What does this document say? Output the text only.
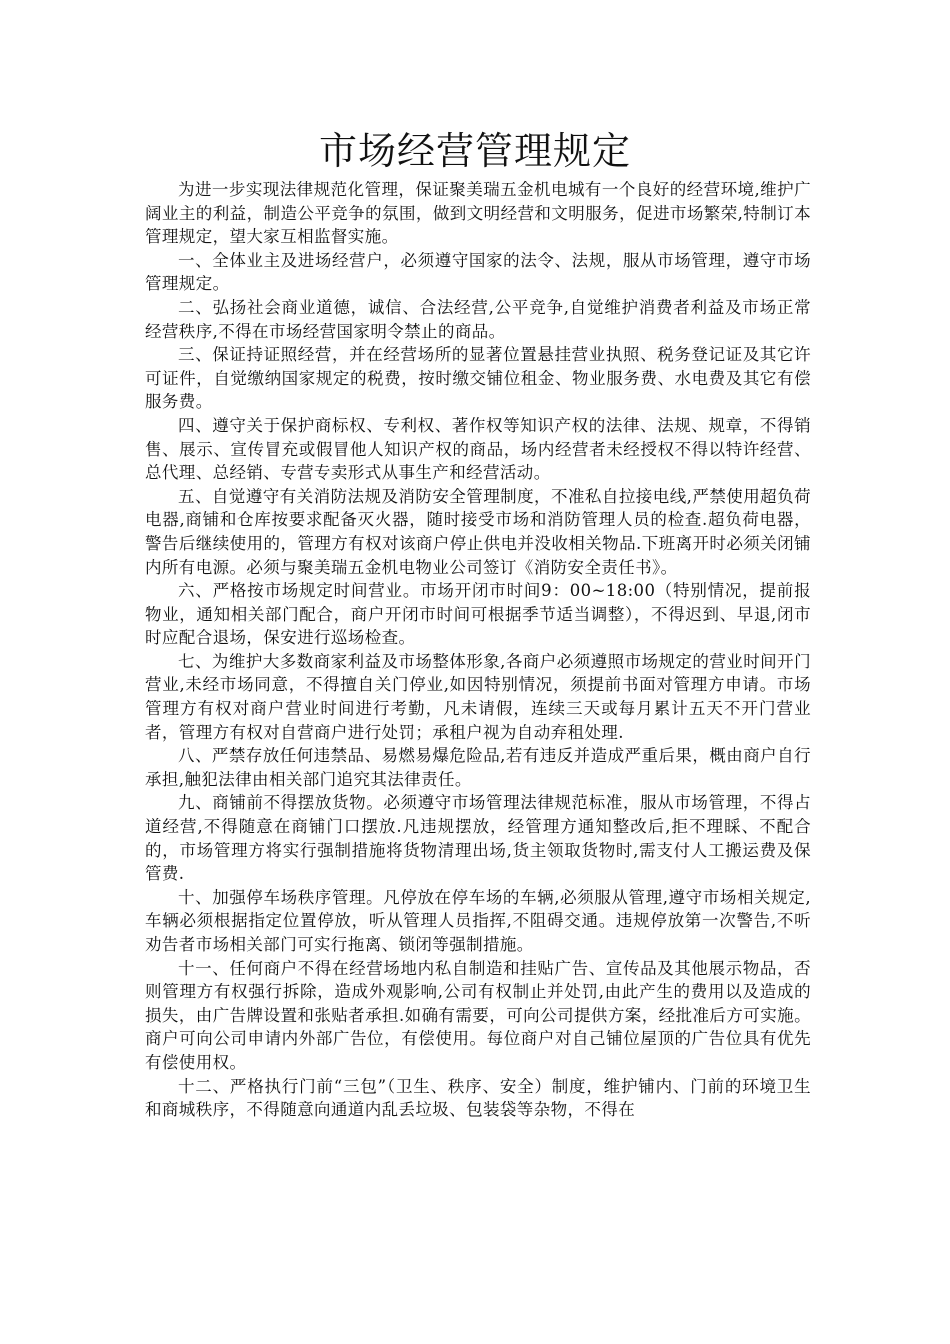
市场经营管理规定

为进一步实现法律规范化管理，保证聚美瑞五金机电城有一个良好的经营环境,维护广阔业主的利益，制造公平竞争的氛围，做到文明经营和文明服务，促进市场繁荣,特制订本管理规定，望大家互相监督实施。

一、全体业主及进场经营户，必须遵守国家的法令、法规，服从市场管理，遵守市场管理规定。

二、弘扬社会商业道德，诚信、合法经营,公平竞争,自觉维护消费者利益及市场正常经营秩序,不得在市场经营国家明令禁止的商品。

三、保证持证照经营，并在经营场所的显著位置悬挂营业执照、税务登记证及其它许可证件，自觉缴纳国家规定的税费，按时缴交铺位租金、物业服务费、水电费及其它有偿服务费。

四、遵守关于保护商标权、专利权、著作权等知识产权的法律、法规、规章，不得销售、展示、宣传冒充或假冒他人知识产权的商品，场内经营者未经授权不得以特许经营、总代理、总经销、专营专卖形式从事生产和经营活动。

五、自觉遵守有关消防法规及消防安全管理制度，不准私自拉接电线,严禁使用超负荷电器,商铺和仓库按要求配备灭火器，随时接受市场和消防管理人员的检查.超负荷电器，警告后继续使用的，管理方有权对该商户停止供电并没收相关物品.下班离开时必须关闭铺内所有电源。必须与聚美瑞五金机电物业公司签订《消防安全责任书》。

六、严格按市场规定时间营业。市场开闭市时间9：00~18:00（特别情况，提前报物业，通知相关部门配合，商户开闭市时间可根据季节适当调整），不得迟到、早退,闭市时应配合退场，保安进行巡场检查。

七、为维护大多数商家利益及市场整体形象,各商户必须遵照市场规定的营业时间开门营业,未经市场同意，不得擅自关门停业,如因特别情况，须提前书面对管理方申请。市场管理方有权对商户营业时间进行考勤，凡未请假，连续三天或每月累计五天不开门营业者，管理方有权对自营商户进行处罚；承租户视为自动弃租处理.

八、严禁存放任何违禁品、易燃易爆危险品,若有违反并造成严重后果，概由商户自行承担,触犯法律由相关部门追究其法律责任。

九、商铺前不得摆放货物。必须遵守市场管理法律规范标准，服从市场管理，不得占道经营,不得随意在商铺门口摆放.凡违规摆放，经管理方通知整改后,拒不理睬、不配合的，市场管理方将实行强制措施将货物清理出场,货主领取货物时,需支付人工搬运费及保管费.

十、加强停车场秩序管理。凡停放在停车场的车辆,必须服从管理,遵守市场相关规定,车辆必须根据指定位置停放，听从管理人员指挥,不阻碍交通。违规停放第一次警告,不听劝告者市场相关部门可实行拖离、锁闭等强制措施。

十一、任何商户不得在经营场地内私自制造和挂贴广告、宣传品及其他展示物品，否则管理方有权强行拆除，造成外观影响,公司有权制止并处罚,由此产生的费用以及造成的损失，由广告牌设置和张贴者承担.如确有需要，可向公司提供方案，经批准后方可实施。商户可向公司申请内外部广告位，有偿使用。每位商户对自己铺位屋顶的广告位具有优先有偿使用权。

十二、严格执行门前“三包”（卫生、秩序、安全）制度，维护铺内、门前的环境卫生和商城秩序，不得随意向通道内乱丢垃圾、包装袋等杂物，不得在
